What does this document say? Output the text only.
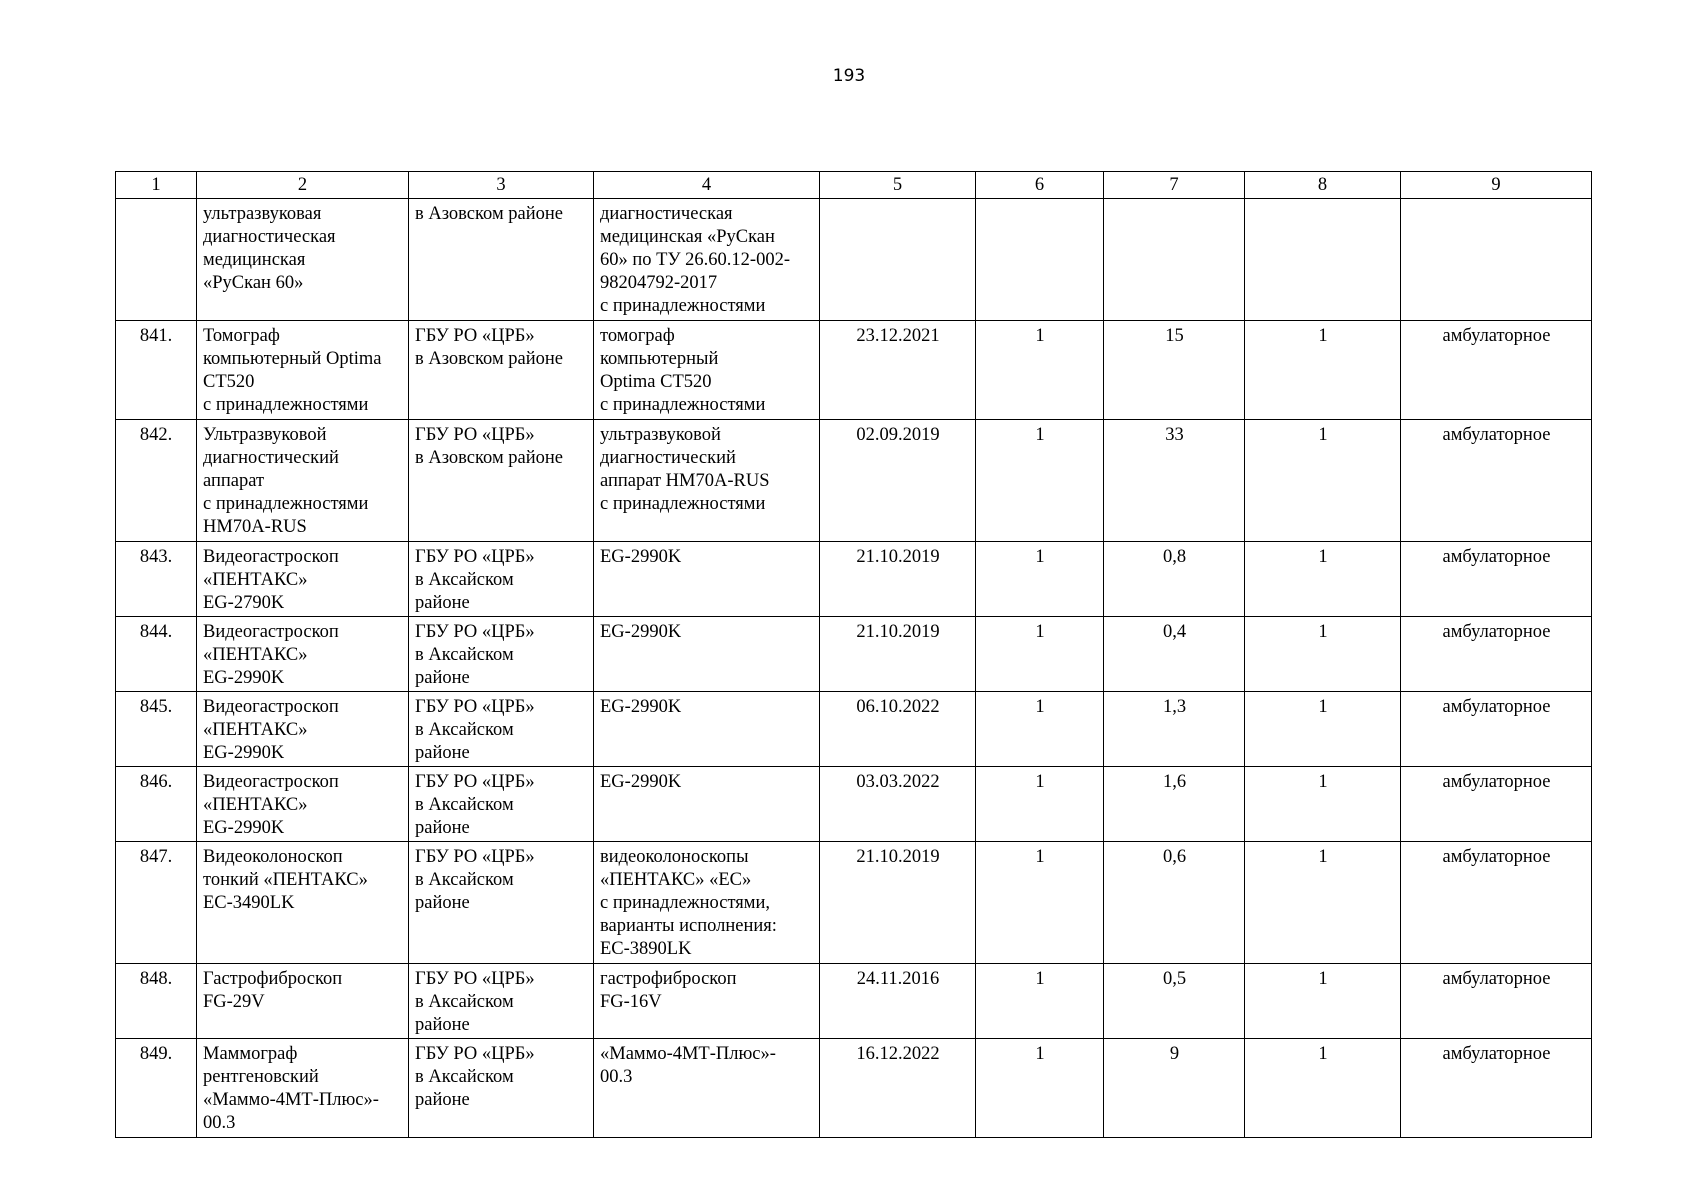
193
1	2	3	4	5	6	7	8	9
	ультразвуковая
диагностическая
медицинская
«РуСкан 60»	в Азовском районе	диагностическая
медицинская «РуСкан
60» по ТУ 26.60.12-002-
98204792-2017
с принадлежностями					
841.	Томограф
компьютерный Optima
CT520
с принадлежностями	ГБУ РО «ЦРБ»
в Азовском районе	томограф
компьютерный
Optima CT520
с принадлежностями	23.12.2021	1	15	1	амбулаторное
842.	Ультразвуковой
диагностический
аппарат
с принадлежностями
HM70A-RUS	ГБУ РО «ЦРБ»
в Азовском районе	ультразвуковой
диагностический
аппарат HM70A-RUS
с принадлежностями	02.09.2019	1	33	1	амбулаторное
843.	Видеогастроскоп
«ПЕНТАКС»
EG-2790K	ГБУ РО «ЦРБ»
в Аксайском
районе	EG-2990K	21.10.2019	1	0,8	1	амбулаторное
844.	Видеогастроскоп
«ПЕНТАКС»
EG-2990K	ГБУ РО «ЦРБ»
в Аксайском
районе	EG-2990K	21.10.2019	1	0,4	1	амбулаторное
845.	Видеогастроскоп
«ПЕНТАКС»
EG-2990K	ГБУ РО «ЦРБ»
в Аксайском
районе	EG-2990K	06.10.2022	1	1,3	1	амбулаторное
846.	Видеогастроскоп
«ПЕНТАКС»
EG-2990K	ГБУ РО «ЦРБ»
в Аксайском
районе	EG-2990K	03.03.2022	1	1,6	1	амбулаторное
847.	Видеоколоноскоп
тонкий «ПЕНТАКС»
EC-3490LK	ГБУ РО «ЦРБ»
в Аксайском
районе	видеоколоноскопы
«ПЕНТАКС» «EC»
с принадлежностями,
варианты исполнения:
EC-3890LK	21.10.2019	1	0,6	1	амбулаторное
848.	Гастрофиброскоп
FG-29V	ГБУ РО «ЦРБ»
в Аксайском
районе	гастрофиброскоп
FG-16V	24.11.2016	1	0,5	1	амбулаторное
849.	Маммограф
рентгеновский
«Маммо-4МТ-Плюс»-
00.3	ГБУ РО «ЦРБ»
в Аксайском
районе	«Маммо-4МТ-Плюс»-
00.3	16.12.2022	1	9	1	амбулаторное
